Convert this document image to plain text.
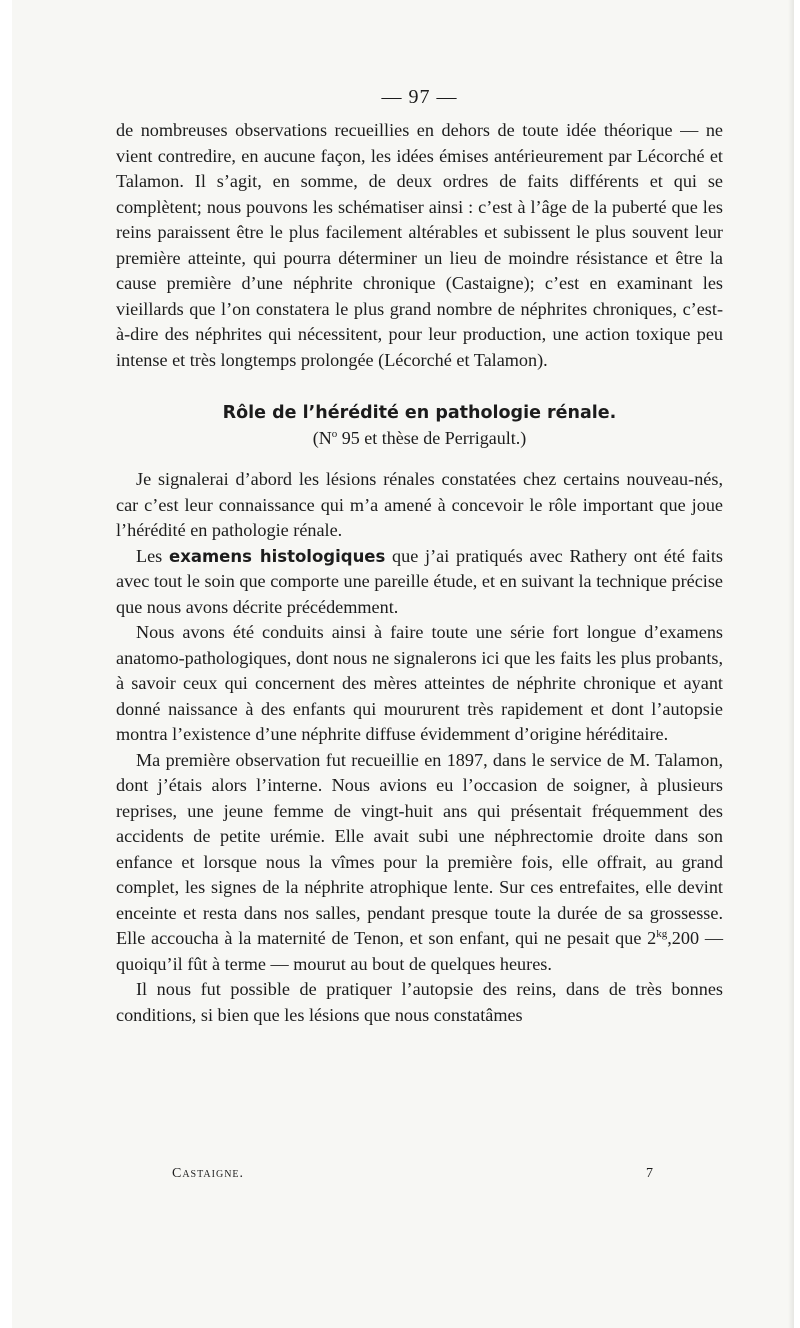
— 97 —

de nombreuses observations recueillies en dehors de toute idée théorique — ne vient contredire, en aucune façon, les idées émises antérieurement par Lécorché et Talamon. Il s’agit, en somme, de deux ordres de faits différents et qui se complètent; nous pouvons les schématiser ainsi : c’est à l’âge de la puberté que les reins paraissent être le plus facilement altérables et subissent le plus souvent leur première atteinte, qui pourra déterminer un lieu de moindre résistance et être la cause première d’une néphrite chronique (Castaigne); c’est en examinant les vieillards que l’on constatera le plus grand nombre de néphrites chroniques, c’est-à-dire des néphrites qui nécessitent, pour leur production, une action toxique peu intense et très longtemps prolongée (Lécorché et Talamon).

Rôle de l’hérédité en pathologie rénale.
($N^o$ 95 et thèse de Perrigault.)

Je signalerai d’abord les lésions rénales constatées chez certains nouveau-nés, car c’est leur connaissance qui m’a amené à concevoir le rôle important que joue l’hérédité en pathologie rénale.

Les examens histologiques que j’ai pratiqués avec Rathery ont été faits avec tout le soin que comporte une pareille étude, et en suivant la technique précise que nous avons décrite précédemment.

Nous avons été conduits ainsi à faire toute une série fort longue d’examens anatomo-pathologiques, dont nous ne signalerons ici que les faits les plus probants, à savoir ceux qui concernent des mères atteintes de néphrite chronique et ayant donné naissance à des enfants qui moururent très rapidement et dont l’autopsie montra l’existence d’une néphrite diffuse évidemment d’origine héréditaire.

Ma première observation fut recueillie en 1897, dans le service de M. Talamon, dont j’étais alors l’interne. Nous avions eu l’occasion de soigner, à plusieurs reprises, une jeune femme de vingt-huit ans qui présentait fréquemment des accidents de petite urémie. Elle avait subi une néphrectomie droite dans son enfance et lorsque nous la vîmes pour la première fois, elle offrait, au grand complet, les signes de la néphrite atrophique lente. Sur ces entrefaites, elle devint enceinte et resta dans nos salles, pendant presque toute la durée de sa grossesse. Elle accoucha à la maternité de Tenon, et son enfant, qui ne pesait que $2^{kg},200$ — quoiqu’il fût à terme — mourut au bout de quelques heures.

Il nous fut possible de pratiquer l’autopsie des reins, dans de très bonnes conditions, si bien que les lésions que nous constatâmes

Castaigne.	7
